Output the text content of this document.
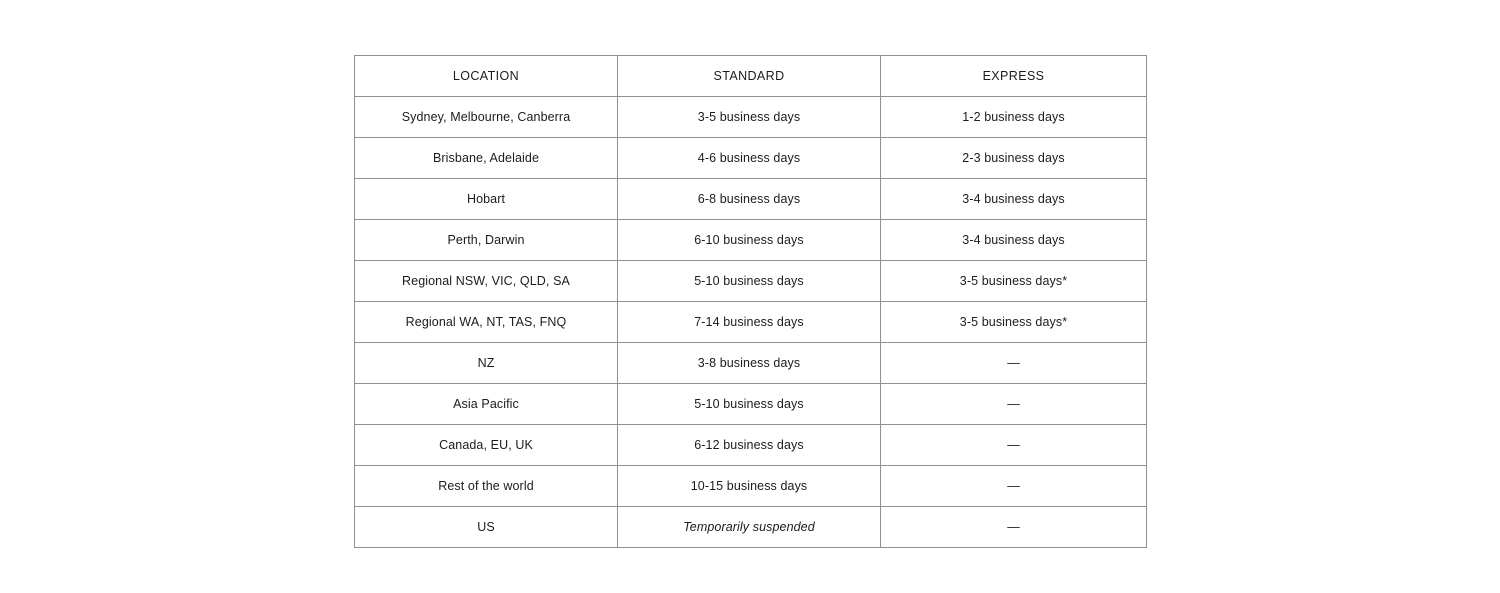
LOCATION	STANDARD	EXPRESS
Sydney, Melbourne, Canberra	3-5 business days	1-2 business days
Brisbane, Adelaide	4-6 business days	2-3 business days
Hobart	6-8 business days	3-4 business days
Perth, Darwin	6-10 business days	3-4 business days
Regional NSW, VIC, QLD, SA	5-10 business days	3-5 business days*
Regional WA, NT, TAS, FNQ	7-14 business days	3-5 business days*
NZ	3-8 business days	—
Asia Pacific	5-10 business days	—
Canada, EU, UK	6-12 business days	—
Rest of the world	10-15 business days	—
US	Temporarily suspended	—
